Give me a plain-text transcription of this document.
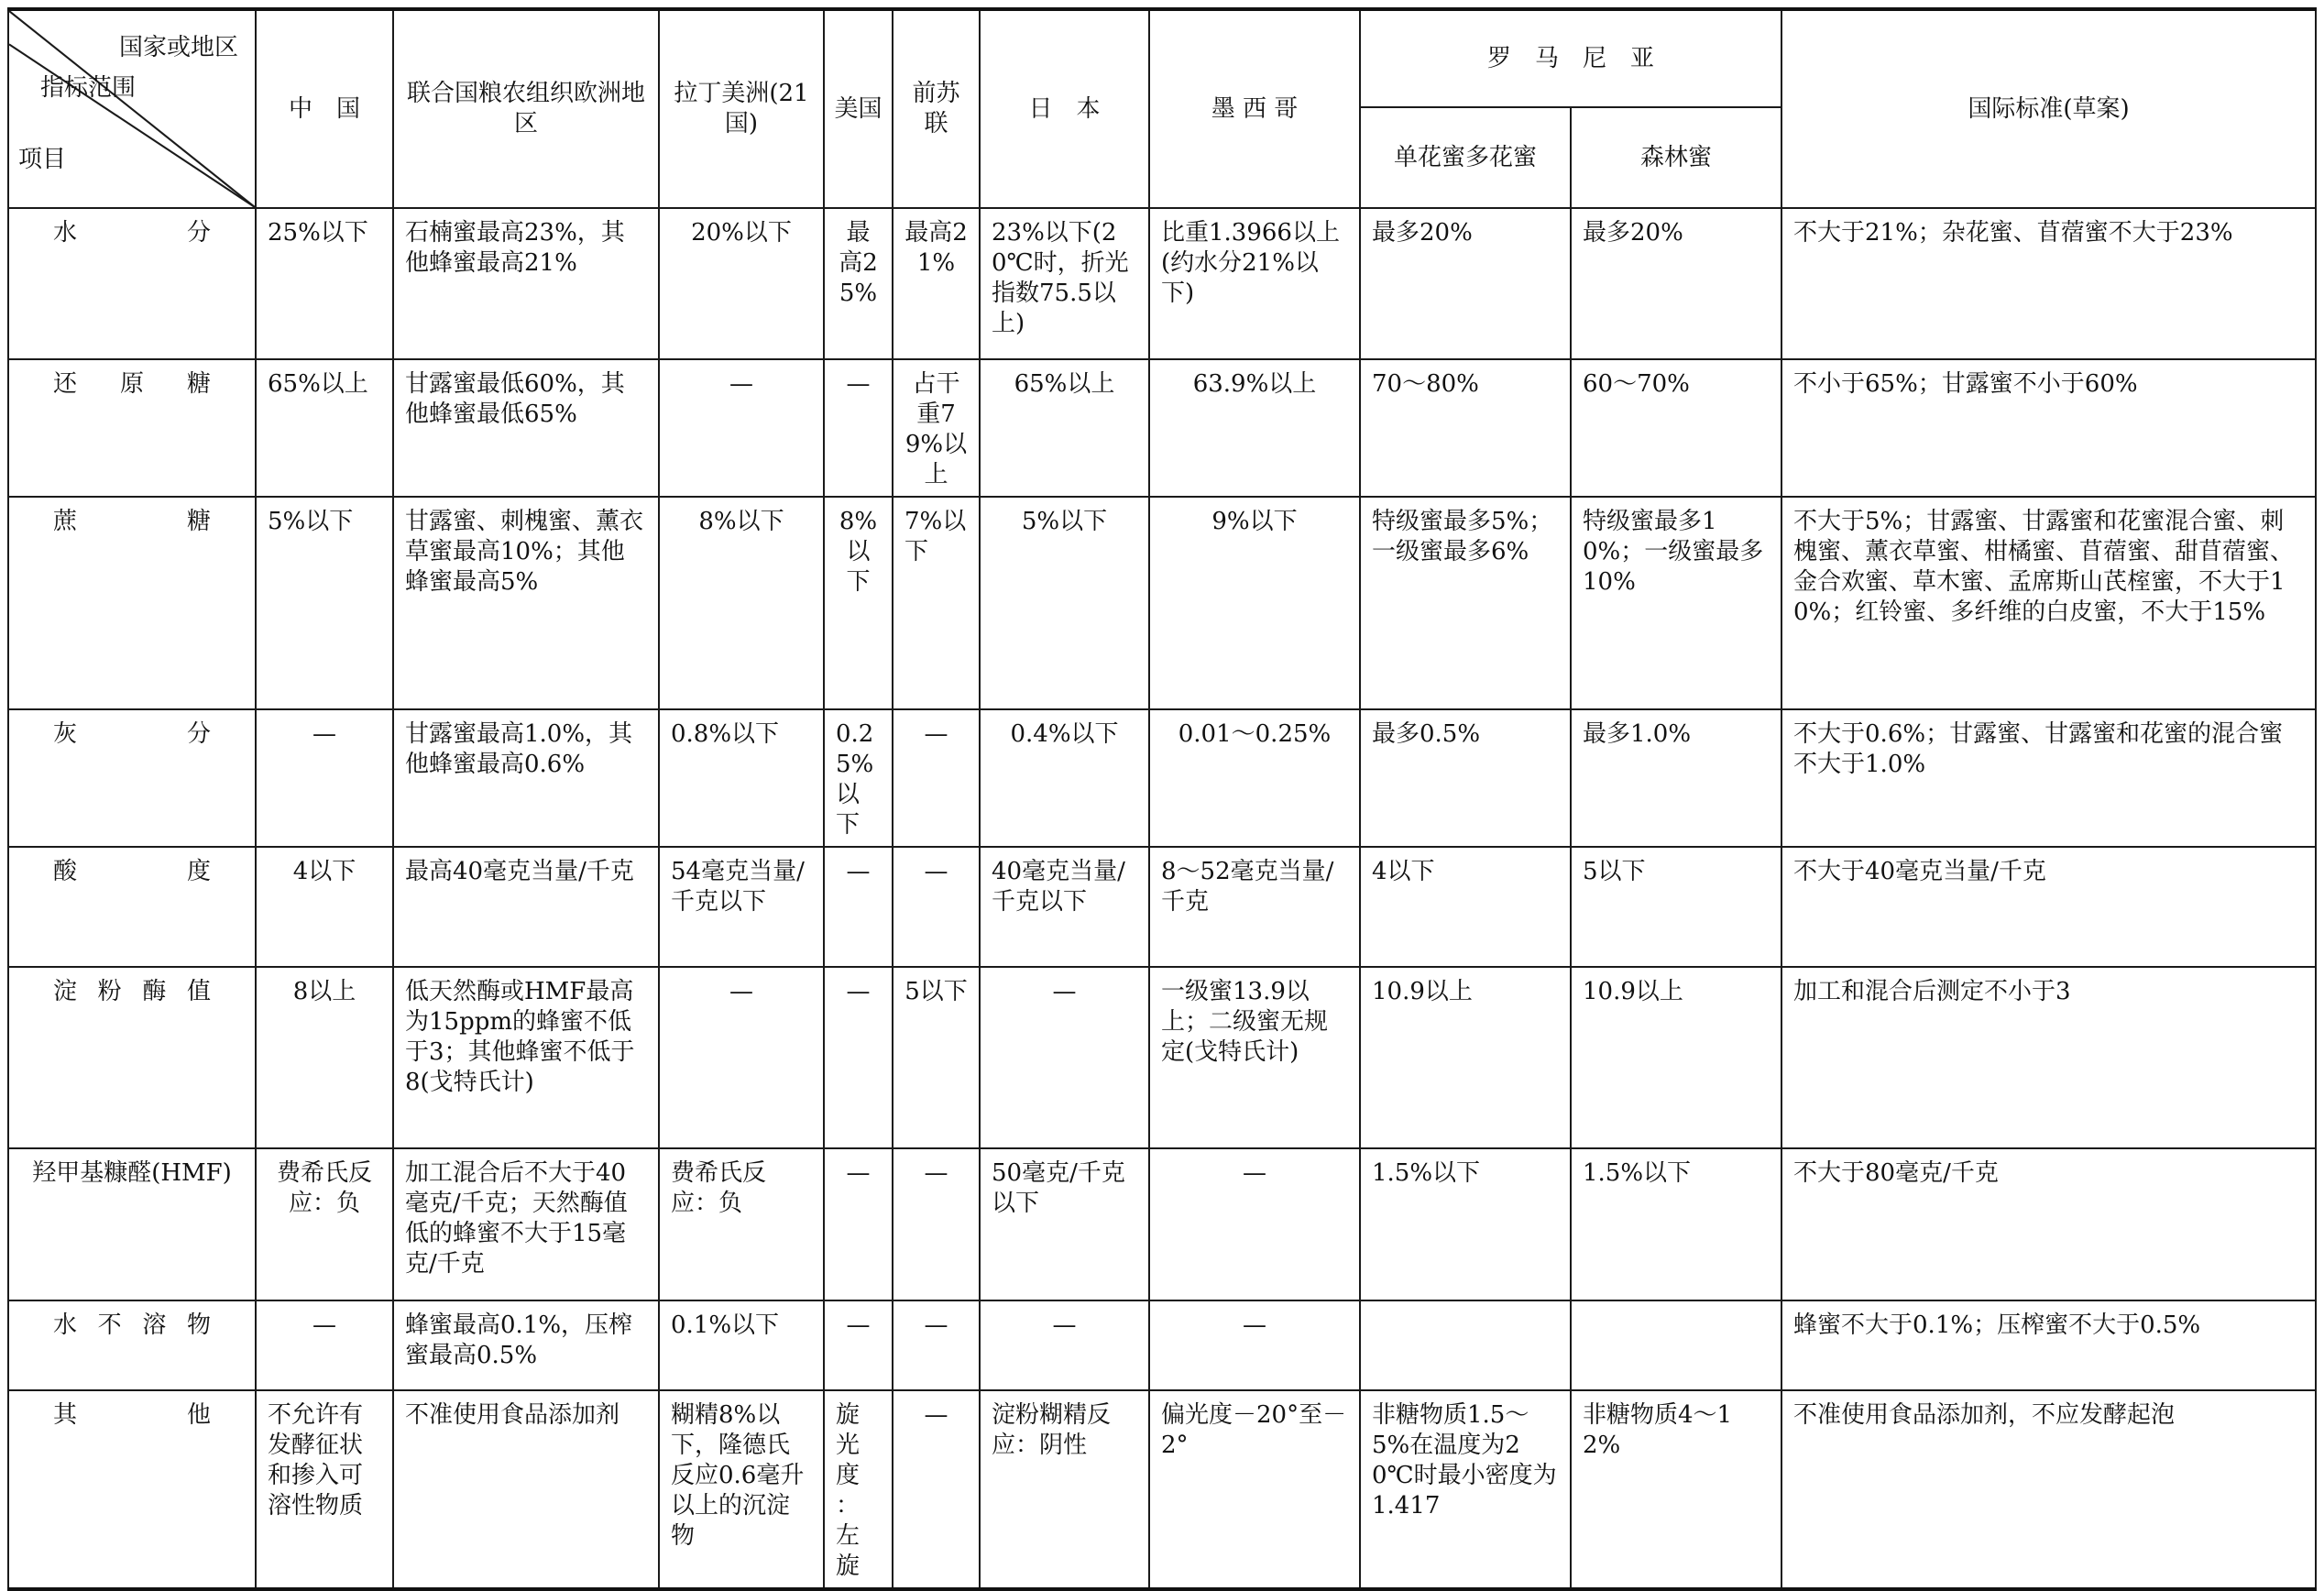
国家或地区
指标范围
项目	中　国	联合国粮农组织欧洲地区	拉丁美洲(21国)	美国	前苏联	日　本	墨 西 哥	罗　马　尼　亚		国际标准(草案)
								单花蜜多花蜜	森林蜜	
水分	25%以下	石楠蜜最高23%，其他蜂蜜最高21%	20%以下	最高25%	最高21%	23%以下(20℃时，折光指数75.5以上)	比重1.3966以上(约水分21%以下)	最多20%	最多20%	不大于21%；杂花蜜、苜蓿蜜不大于23%
还原糖	65%以上	甘露蜜最低60%，其他蜂蜜最低65%	—	—	占干重79%以上	65%以上	63.9%以上	70～80%	60～70%	不小于65%；甘露蜜不小于60%
蔗糖	5%以下	甘露蜜、刺槐蜜、薰衣草蜜最高10%；其他蜂蜜最高5%	8%以下	8%以下	7%以下	5%以下	9%以下	特级蜜最多5%；一级蜜最多6%	特级蜜最多10%；一级蜜最多10%	不大于5%；甘露蜜、甘露蜜和花蜜混合蜜、刺槐蜜、薰衣草蜜、柑橘蜜、苜蓿蜜、甜苜蓿蜜、金合欢蜜、草木蜜、孟席斯山芪榁蜜，不大于10%；红铃蜜、多纤维的白皮蜜，不大于15%
灰分	—	甘露蜜最高1.0%，其他蜂蜜最高0.6%	0.8%以下	0.25%以下	—	0.4%以下	0.01～0.25%	最多0.5%	最多1.0%	不大于0.6%；甘露蜜、甘露蜜和花蜜的混合蜜不大于1.0%
酸度	4以下	最高40毫克当量/千克	54毫克当量/千克以下	—	—	40毫克当量/千克以下	8～52毫克当量/千克	4以下	5以下	不大于40毫克当量/千克
淀粉酶值	8以上	低天然酶或HMF最高为15ppm的蜂蜜不低于3；其他蜂蜜不低于8(戈特氏计)	—	—	5以下	—	一级蜜13.9以上；二级蜜无规定(戈特氏计)	10.9以上	10.9以上	加工和混合后测定不小于3
羟甲基糠醛(HMF)	费希氏反应：负	加工混合后不大于40毫克/千克；天然酶值低的蜂蜜不大于15毫克/千克	费希氏反应：负	—	—	50毫克/千克以下	—	1.5%以下	1.5%以下	不大于80毫克/千克
水不溶物	—	蜂蜜最高0.1%，压榨蜜最高0.5%	0.1%以下	—	—	—	—			蜂蜜不大于0.1%；压榨蜜不大于0.5%
其他	不允许有发酵征状和掺入可溶性物质	不准使用食品添加剂	糊精8%以下，隆德氏反应0.6毫升以上的沉淀物	旋光度：左旋	—	淀粉糊精反应：阴性	偏光度－20°至－2°	非糖物质1.5～5%在温度为20℃时最小密度为1.417	非糖物质4～12%	不准使用食品添加剂，不应发酵起泡
